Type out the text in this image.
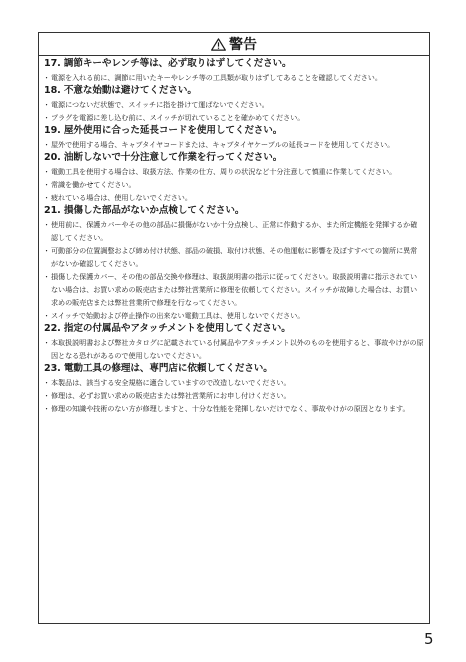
警告
17. 調節キーやレンチ等は、必ず取りはずしてください。
・ 電源を入れる前に、調節に用いたキーやレンチ等の工具類が取りはずしてあることを確認してください。
18. 不意な始動は避けてください。
・ 電源につないだ状態で、スイッチに指を掛けて運ばないでください。
・ プラグを電源に差し込む前に、スイッチが切れていることを確かめてください。
19. 屋外使用に合った延長コードを使用してください。
・ 屋外で使用する場合、キャブタイヤコードまたは、キャブタイヤケーブルの延長コードを使用してください。
20. 油断しないで十分注意して作業を行ってください。
・ 電動工具を使用する場合は、取扱方法、作業の仕方、周りの状況など十分注意して慎重に作業してください。
・ 常識を働かせてください。
・ 疲れている場合は、使用しないでください。
21. 損傷した部品がないか点検してください。
・ 使用前に、保護カバーやその他の部品に損傷がないか十分点検し、正常に作動するか、また所定機能を発揮するか確認してください。
・ 可動部分の位置調整および締め付け状態、部品の破損、取付け状態、その他運転に影響を及ぼすすべての箇所に異常がないか確認してください。
・ 損傷した保護カバー、その他の部品交換や修理は、取扱説明書の指示に従ってください。取扱説明書に指示されていない場合は、お買い求めの販売店または弊社営業所に修理を依頼してください。スイッチが故障した場合は、お買い求めの販売店または弊社営業所で修理を行なってください。
・ スイッチで始動および停止操作の出来ない電動工具は、使用しないでください。
22. 指定の付属品やアタッチメントを使用してください。
・ 本取扱説明書および弊社カタログに記載されている付属品やアタッチメント以外のものを使用すると、事故やけがの原因となる恐れがあるので使用しないでください。
23. 電動工具の修理は、専門店に依頼してください。
・ 本製品は、該当する安全規格に適合していますので改造しないでください。
・ 修理は、必ずお買い求めの販売店または弊社営業所にお申し付けください。
・ 修理の知識や技術のない方が修理しますと、十分な性能を発揮しないだけでなく、事故やけがの原因となります。
5
